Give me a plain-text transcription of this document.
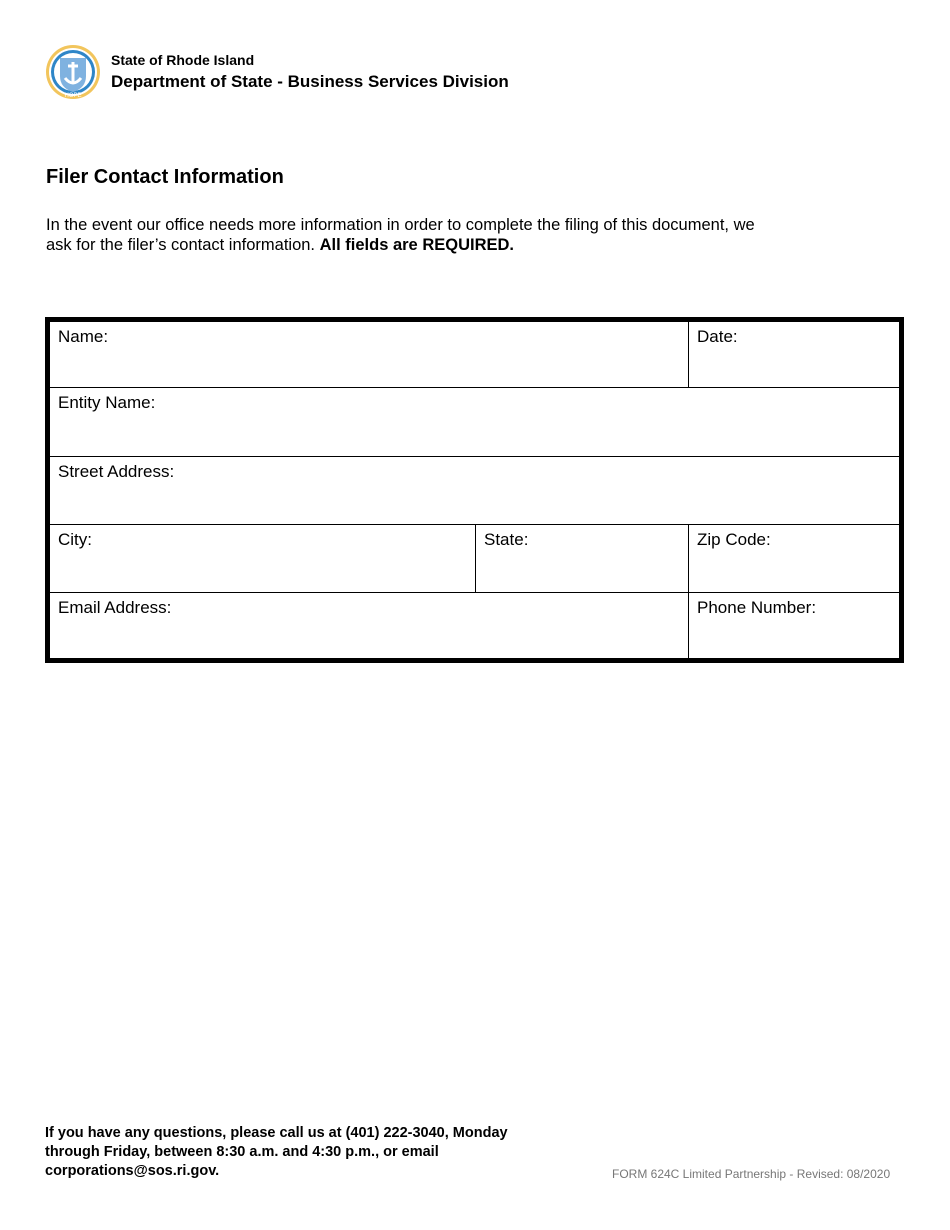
HOPE
State of Rhode Island
Department of State - Business Services Division
Filer Contact Information
In the event our office needs more information in order to complete the filing of this document, we ask for the filer’s contact information. All fields are REQUIRED.
Name:	Date:
Entity Name:
Street Address:
City:	State:	Zip Code:
Email Address:	Phone Number:
If you have any questions, please call us at (401) 222-3040, Monday through Friday, between 8:30 a.m. and 4:30 p.m., or email corporations@sos.ri.gov.	FORM 624C Limited Partnership - Revised: 08/2020
